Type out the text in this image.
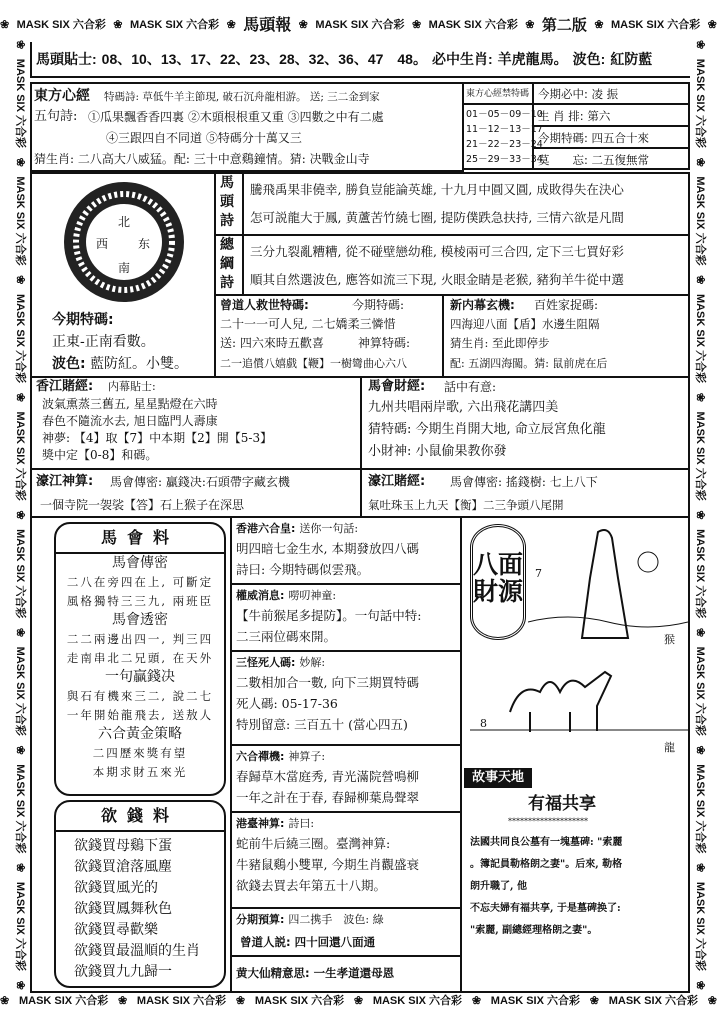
❀ MASK SIX 六合彩 ❀ MASK SIX 六合彩 ❀ 馬頭報 ❀ MASK SIX 六合彩 ❀ MASK SIX 六合彩 ❀ 第二版 ❀ MASK SIX 六合彩 ❀
❀ MASK SIX 六合彩 ❀ MASK SIX 六合彩 ❀ MASK SIX 六合彩 ❀ MASK SIX 六合彩 ❀ MASK SIX 六合彩 ❀ MASK SIX 六合彩 ❀
❀
MASK SIX 六合彩
❀
MASK SIX 六合彩
❀
MASK SIX 六合彩
❀
MASK SIX 六合彩
❀
MASK SIX 六合彩
❀
MASK SIX 六合彩
❀
MASK SIX 六合彩
❀
MASK SIX 六合彩
❀
❀
MASK SIX 六合彩
❀
MASK SIX 六合彩
❀
MASK SIX 六合彩
❀
MASK SIX 六合彩
❀
MASK SIX 六合彩
❀
MASK SIX 六合彩
❀
MASK SIX 六合彩
❀
MASK SIX 六合彩
❀
馬頭貼士: 08、10、13、17、22、23、28、32、36、47　48。 必中生肖: 羊虎龍馬。 波色: 紅防藍
東方心經 特碼詩: 草低牛羊主節現, 破石沉舟龍相游。 送; 三二金到家
五句詩: ①瓜果飄香香四裏 ②木頭根根重又重 ③四數之中有二處
④三跟四自不同道 ⑤特碼分十萬又三
猜生肖: 二八高大八威猛。配: 三十中意鷄鐘情。猜: 决戰金山寺
東方心經禁特碼
01－05－09－10
11－12－13－17
21－22－23－24
25－29－33－34
今期必中: 凌 振
生 肖 排: 第六
今期特碼: 四五合十來
莫　　忘: 二五復無常
北
西 东
南
今期特碼:
正東-正南看數。
波色: 藍防紅。小雙。
馬頭詩
騰飛禹果非僥幸, 勝負豈能論英雄, 十九月中圓又圓, 成敗得失在決心
怎可説龍大于鳳, 黄蘆苦竹繞七圈, 提防僕跌急扶持, 三情六欲是凡間
總綱詩
三分九裂亂糟糟, 從不碰壁戀幼稚, 模棱兩可三合四, 定下三七買好彩
順其自然選波色, 應答如流三下現, 火眼金睛是老猴, 豬狗羊牛從中選
曾道人救世特碼:	今期特碼:
二十一一可人兒, 二七嬌柔三憐惜
送: 四六來時五歡喜	神算特碼:
二一追償八嬉戲【鞭】一樹彎曲心六八
新内幕玄機: 百姓家捉碼:
四海迎八面【盾】水邊生阻隔
猜生肖: 至此即停步
配: 五湖四海闖。猜: 鼠前虎在后
香江賭經: 内幕貼士:
波氣熏蒸三舊五, 星星點燈在六時
春色不隨流水去, 旭日臨門人壽康
神夢: 【4】取【7】中本期【2】開【5-3】
獎中定【0-8】和碼。
馬會財經: 話中有意:
九州共唱兩岸歌, 六出飛花講四美
猜特碼: 今期生肖開大地, 命立辰宮魚化龍
小財神: 小鼠偷果教你發
濠江神算: 馬會傳密: 贏錢决:石頭帶字藏玄機
一個寺院一袈裟【答】石上猴子在深思
濠江賭經: 馬會傳密: 搖錢樹: 七上八下
氣吐珠玉上九天【衡】二三争頭八尾開
馬會料
馬會傳密
二八在旁四在上, 可斷定
風格獨特三三九, 兩班臣
馬會透密
二二兩邊出四一, 判三四
走南串北二兄頭, 在天外
一句贏錢决
與石有機來三二, 說二七
一年開始龍飛去, 送敖人
六合黃金策略
二四歷來獎有望
本期求財五來光
欲錢料
欲錢買母鷄下蛋
欲錢買滄落風塵
欲錢買風光的
欲錢買鳳舞秋色
欲錢買尋歡樂
欲錢買最溫順的生肖
欲錢買九九歸一
香港六合皇: 送你一句話:
明四暗七金生水, 本期發放四八碼
詩曰: 今期特碼似雲飛。
權威消息: 嘮叨神童:
【牛前猴尾多提防】。一句話中特:
二三兩位碼來開。
三怪死人碼: 妙解:
二數相加合一數, 向下三期買特碼
死人碼: 05-17-36
特別留意: 三百五十 (當心四五)
六合禪機: 神算子:
春歸草木當庭秀, 青光滿院營鳴柳
一年之計在于春, 春歸柳葉鳥聲翠
港臺神算: 詩曰:
蛇前牛后繞三圈。臺灣神算:
牛豬鼠鷄小雙單, 今期生肖觀盛衰
欲錢去買去年第五十八期。
分期預算: 四二携手　波色: 綠
曾道人説: 四十回還八面通
黄大仙精意思: 一生孝道還母恩
八面財源
7
猴
8
龍
故事天地
有福共享
********************
法國共同良公墓有一塊墓碑: "索麗
。簿記員勒格朗之妻"。后來, 勒格
朗升職了, 他
不忘夫婦有福共享, 于是墓碑换了:
"索麗, 副總經理格朗之妻"。
